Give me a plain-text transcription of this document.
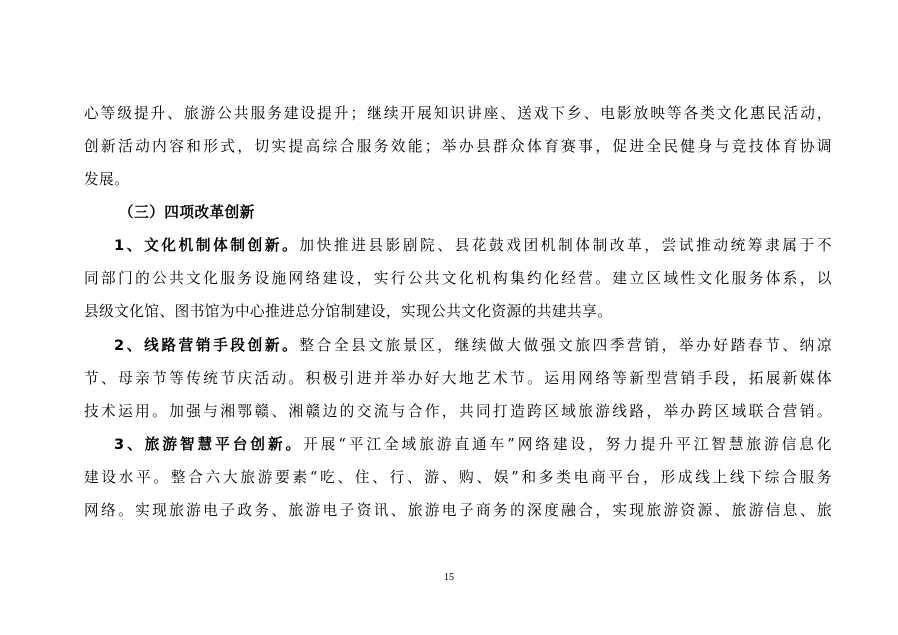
心等级提升、旅游公共服务建设提升；继续开展知识讲座、送戏下乡、电影放映等各类文化惠民活动，
创新活动内容和形式，切实提高综合服务效能；举办县群众体育赛事，促进全民健身与竞技体育协调
发展。
（三）四项改革创新
1、文化机制体制创新。加快推进县影剧院、县花鼓戏团机制体制改革，尝试推动统筹隶属于不
同部门的公共文化服务设施网络建设，实行公共文化机构集约化经营。建立区域性文化服务体系，以
县级文化馆、图书馆为中心推进总分馆制建设，实现公共文化资源的共建共享。
2、线路营销手段创新。整合全县文旅景区，继续做大做强文旅四季营销，举办好踏春节、纳凉
节、母亲节等传统节庆活动。积极引进并举办好大地艺术节。运用网络等新型营销手段，拓展新媒体
技术运用。加强与湘鄂赣、湘赣边的交流与合作，共同打造跨区域旅游线路，举办跨区域联合营销。
3、旅游智慧平台创新。开展“平江全域旅游直通车”网络建设，努力提升平江智慧旅游信息化
建设水平。整合六大旅游要素“吃、住、行、游、购、娱”和多类电商平台，形成线上线下综合服务
网络。实现旅游电子政务、旅游电子资讯、旅游电子商务的深度融合，实现旅游资源、旅游信息、旅
15
